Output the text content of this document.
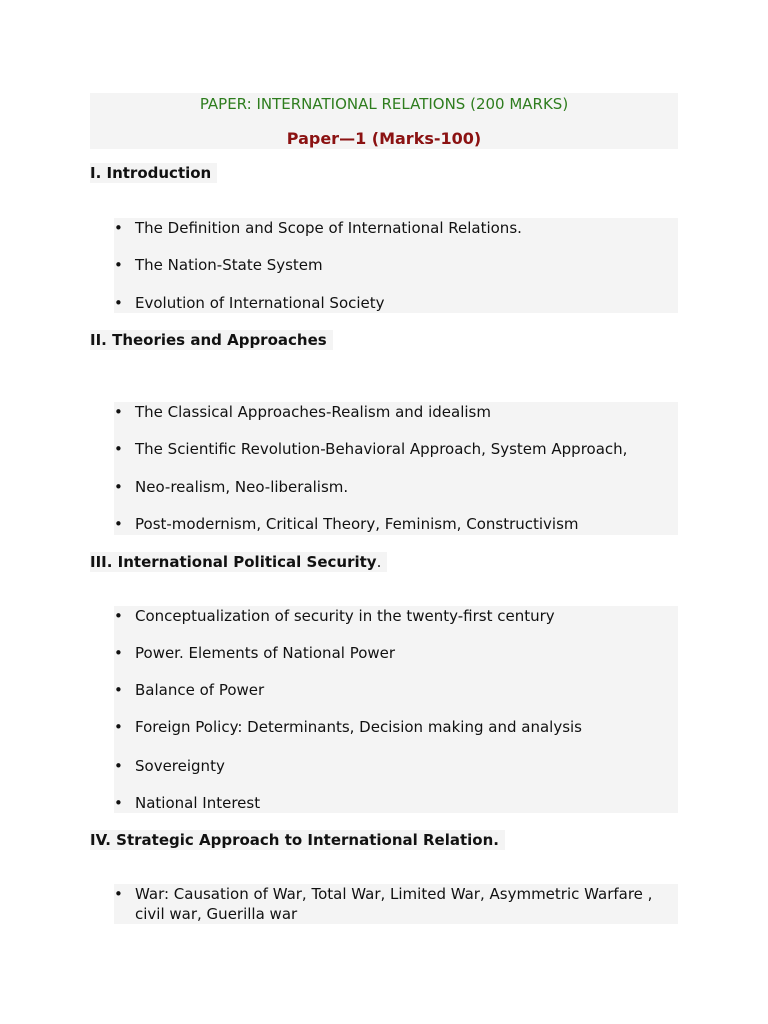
PAPER: INTERNATIONAL RELATIONS (200 MARKS)
Paper—1 (Marks-100)
I. Introduction
• The Definition and Scope of International Relations.
• The Nation-State System
• Evolution of International Society
II. Theories and Approaches
• The Classical Approaches-Realism and idealism
• The Scientific Revolution-Behavioral Approach, System Approach,
• Neo-realism, Neo-liberalism.
• Post-modernism, Critical Theory, Feminism, Constructivism
III. International Political Security.
• Conceptualization of security in the twenty-first century
• Power. Elements of National Power
• Balance of Power
• Foreign Policy: Determinants, Decision making and analysis
• Sovereignty
• National Interest
IV. Strategic Approach to International Relation.
• War: Causation of War, Total War, Limited War, Asymmetric Warfare , civil war, Guerilla war
